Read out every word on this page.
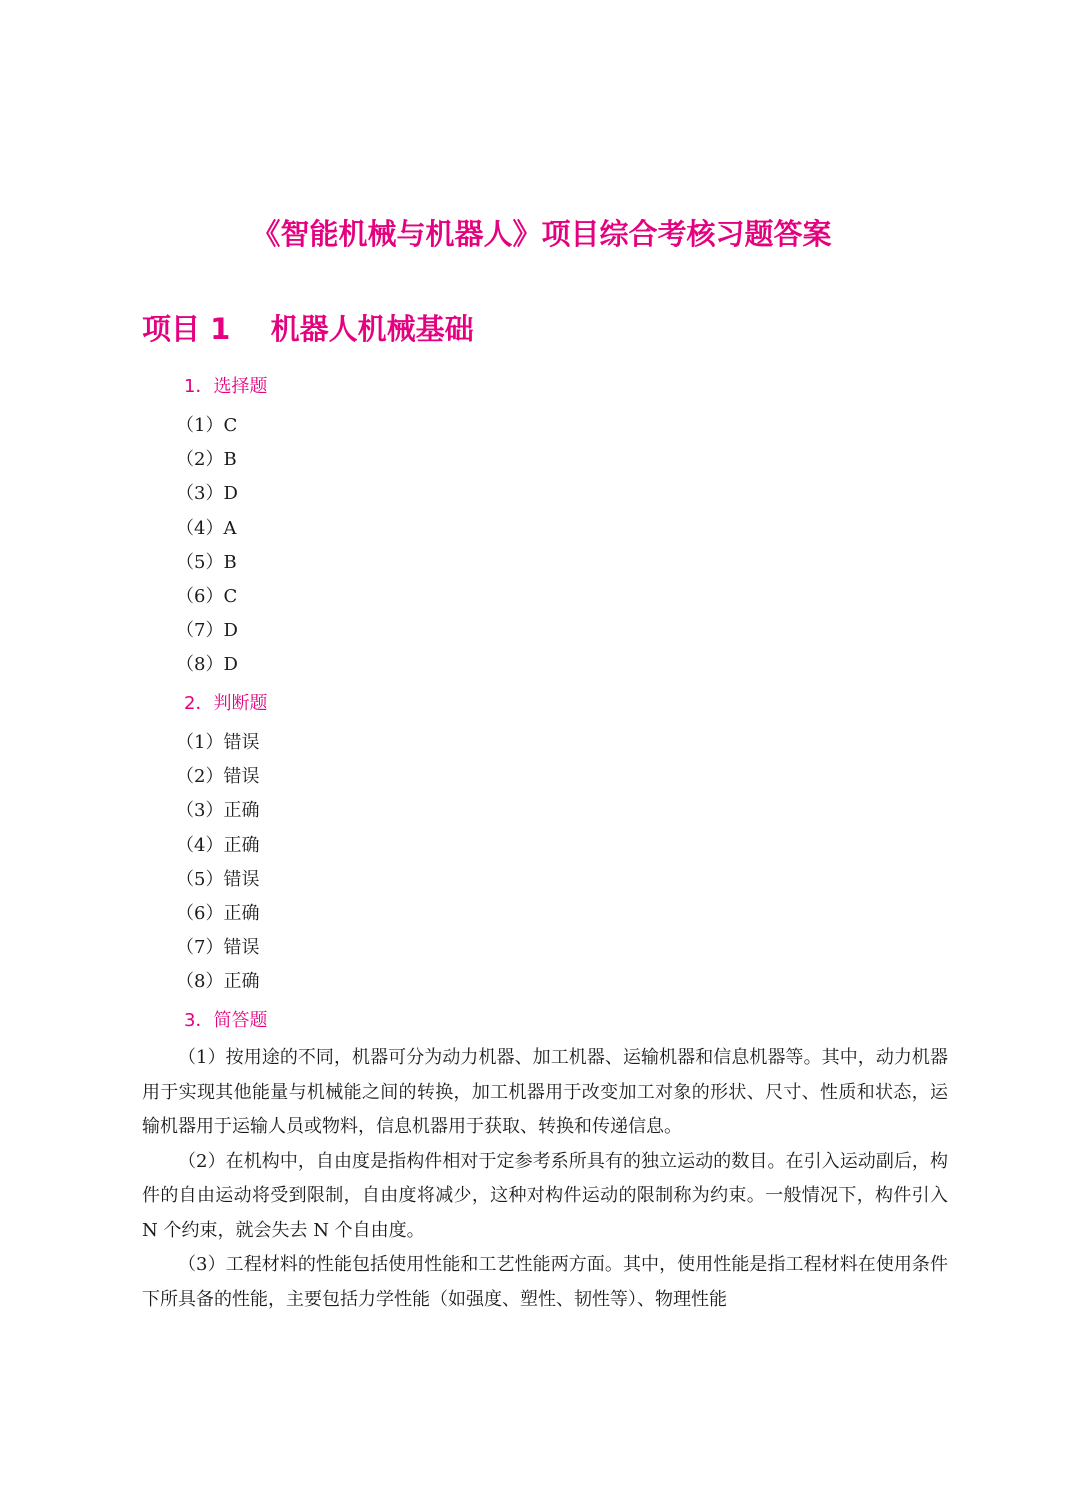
《智能机械与机器人》项目综合考核习题答案
项目 1    机器人机械基础
1．选择题
（1）C
（2）B
（3）D
（4）A
（5）B
（6）C
（7）D
（8）D
2．判断题
（1）错误
（2）错误
（3）正确
（4）正确
（5）错误
（6）正确
（7）错误
（8）正确
3．简答题

（1）按用途的不同，机器可分为动力机器、加工机器、运输机器和信息机器等。其中，动力机器用于实现其他能量与机械能之间的转换，加工机器用于改变加工对象的形状、尺寸、性质和状态，运输机器用于运输人员或物料，信息机器用于获取、转换和传递信息。

（2）在机构中，自由度是指构件相对于定参考系所具有的独立运动的数目。在引入运动副后，构件的自由运动将受到限制，自由度将减少，这种对构件运动的限制称为约束。一般情况下，构件引入 N 个约束，就会失去 N 个自由度。

（3）工程材料的性能包括使用性能和工艺性能两方面。其中，使用性能是指工程材料在使用条件下所具备的性能，主要包括力学性能（如强度、塑性、韧性等）、物理性能
